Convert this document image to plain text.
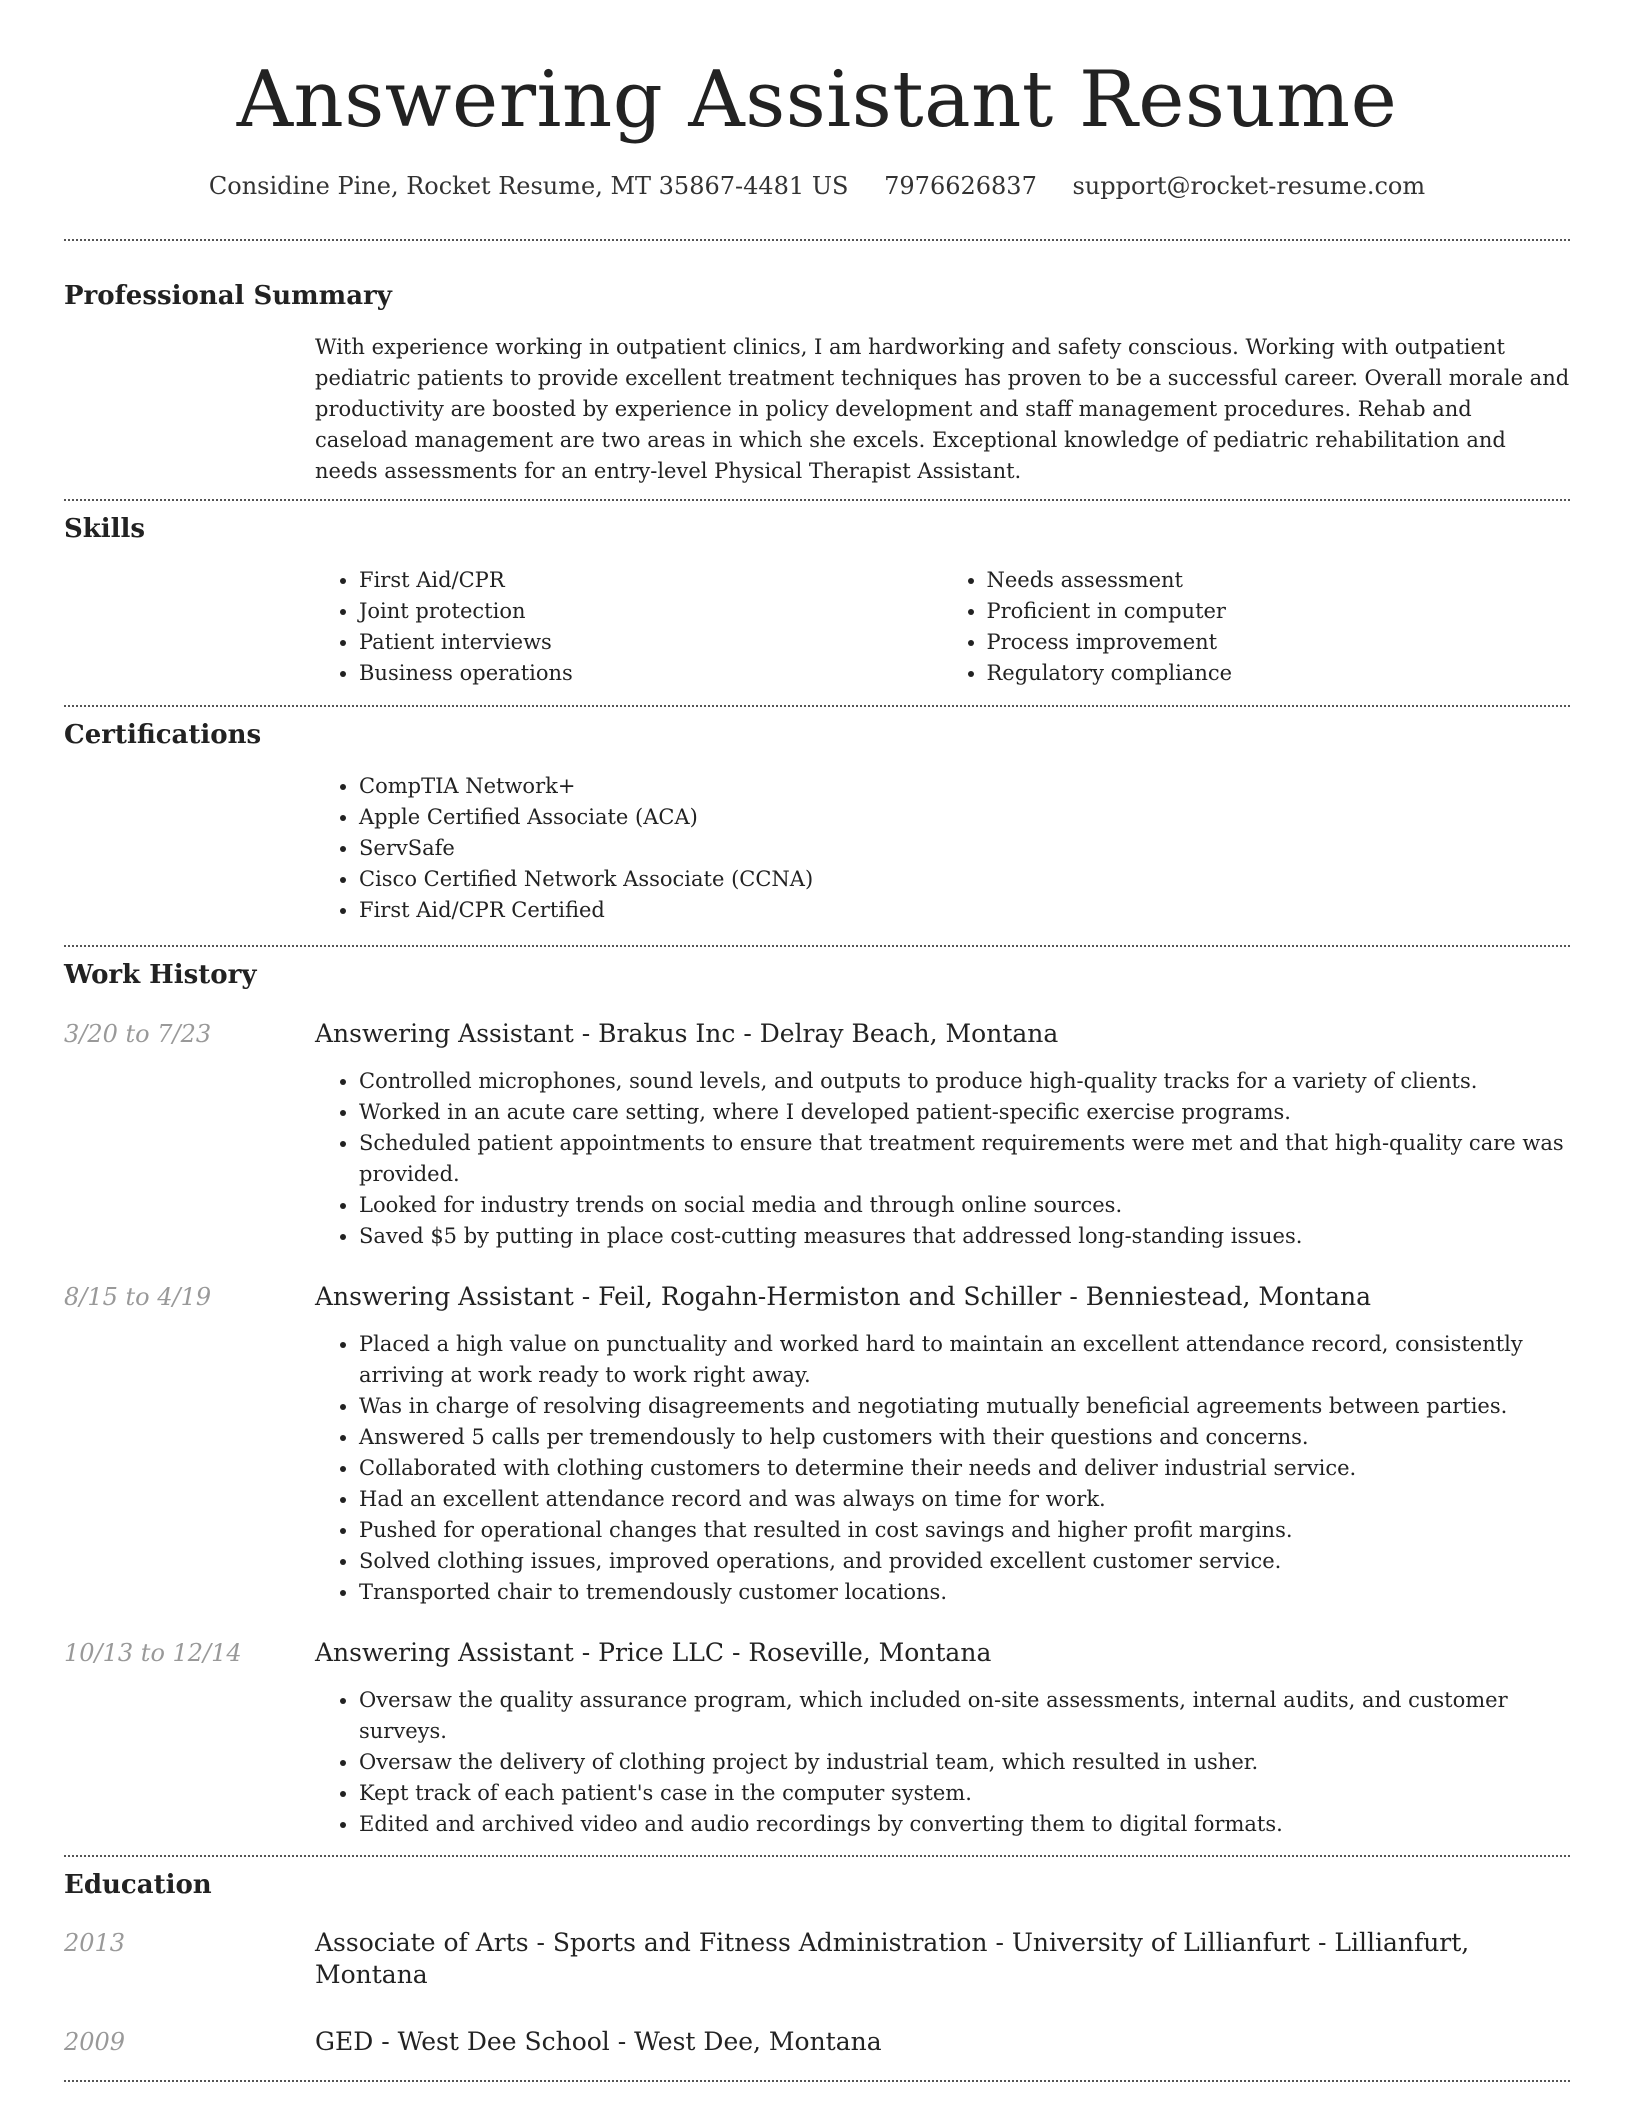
Answering Assistant Resume
Considine Pine, Rocket Resume, MT 35867-4481 US 7976626837 support@rocket-resume.com
Professional Summary

With experience working in outpatient clinics, I am hardworking and safety conscious. Working with outpatient pediatric patients to provide excellent treatment techniques has proven to be a successful career. Overall morale and productivity are boosted by experience in policy development and staff management procedures. Rehab and caseload management are two areas in which she excels. Exceptional knowledge of pediatric rehabilitation and needs assessments for an entry-level Physical Therapist Assistant.

Skills
• First Aid/CPR
• Joint protection
• Patient interviews
• Business operations
• Needs assessment
• Proficient in computer
• Process improvement
• Regulatory compliance
Certifications
• CompTIA Network+
• Apple Certified Associate (ACA)
• ServSafe
• Cisco Certified Network Associate (CCNA)
• First Aid/CPR Certified
Work History
3/20 to 7/23	Answering Assistant - Brakus Inc - Delray Beach, Montana
• Controlled microphones, sound levels, and outputs to produce high-quality tracks for a variety of clients.
• Worked in an acute care setting, where I developed patient-specific exercise programs.
• Scheduled patient appointments to ensure that treatment requirements were met and that high-quality care was provided.
• Looked for industry trends on social media and through online sources.
• Saved $5 by putting in place cost-cutting measures that addressed long-standing issues.
8/15 to 4/19	Answering Assistant - Feil, Rogahn-Hermiston and Schiller - Benniestead, Montana
• Placed a high value on punctuality and worked hard to maintain an excellent attendance record, consistently arriving at work ready to work right away.
• Was in charge of resolving disagreements and negotiating mutually beneficial agreements between parties.
• Answered 5 calls per tremendously to help customers with their questions and concerns.
• Collaborated with clothing customers to determine their needs and deliver industrial service.
• Had an excellent attendance record and was always on time for work.
• Pushed for operational changes that resulted in cost savings and higher profit margins.
• Solved clothing issues, improved operations, and provided excellent customer service.
• Transported chair to tremendously customer locations.
10/13 to 12/14	Answering Assistant - Price LLC - Roseville, Montana
• Oversaw the quality assurance program, which included on-site assessments, internal audits, and customer surveys.
• Oversaw the delivery of clothing project by industrial team, which resulted in usher.
• Kept track of each patient's case in the computer system.
• Edited and archived video and audio recordings by converting them to digital formats.
Education
2013	Associate of Arts - Sports and Fitness Administration - University of Lillianfurt - Lillianfurt, Montana
2009	GED - West Dee School - West Dee, Montana
